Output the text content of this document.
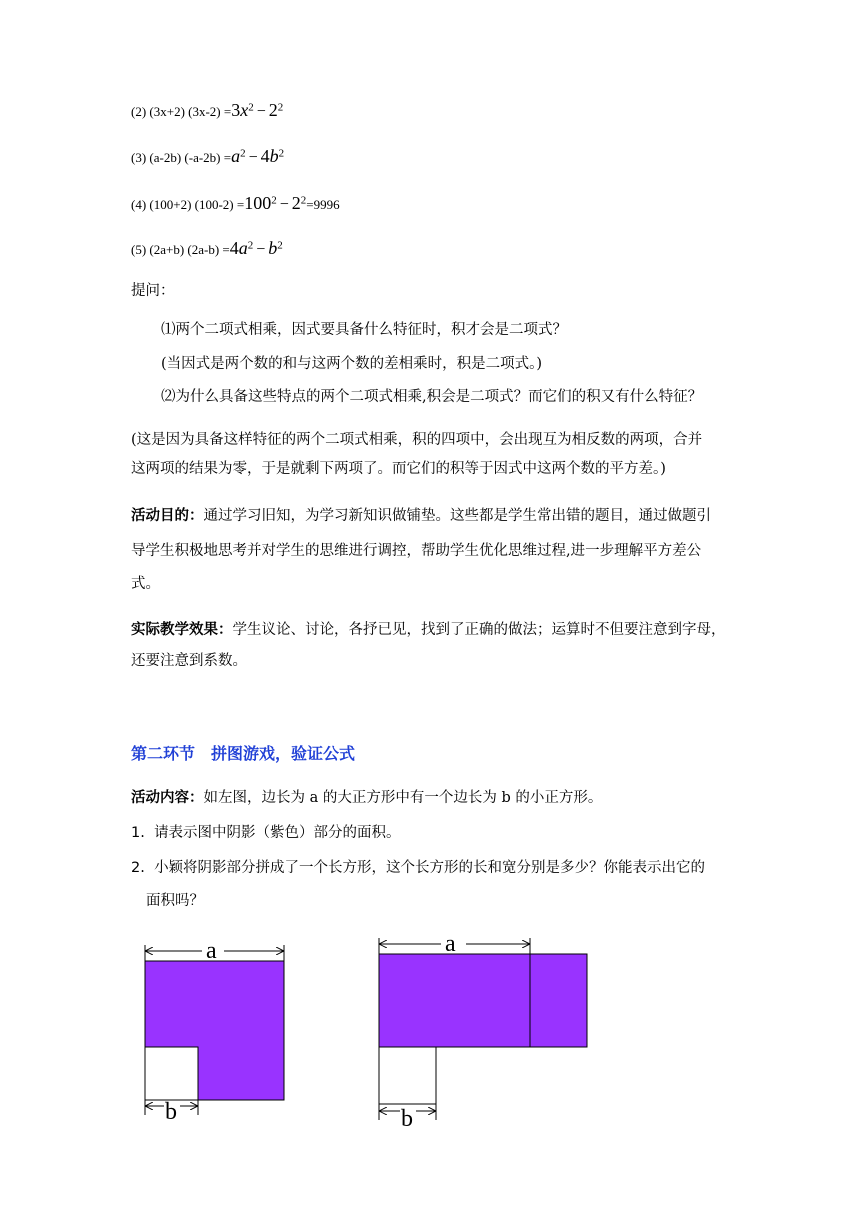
(2) (3x+2) $(3x-2) =3x^2 - 2^2$
(3) (a-2b) $(-a-2b) =a^2 - 4b^2$
(4) (100+2) $(100-2) =100^2 - 2^2=9996$
(5) (2a+b) $(2a-b) =4a^2 - b^2$
提问：
⑴两个二项式相乘，因式要具备什么特征时，积才会是二项式？
(当因式是两个数的和与这两个数的差相乘时，积是二项式。)
⑵为什么具备这些特点的两个二项式相乘,积会是二项式？而它们的积又有什么特征？
(这是因为具备这样特征的两个二项式相乘，积的四项中，会出现互为相反数的两项，合并
这两项的结果为零，于是就剩下两项了。而它们的积等于因式中这两个数的平方差。)
活动目的：通过学习旧知，为学习新知识做铺垫。这些都是学生常出错的题目，通过做题引
导学生积极地思考并对学生的思维进行调控，帮助学生优化思维过程,进一步理解平方差公
式。
实际教学效果：学生议论、讨论，各抒已见，找到了正确的做法；运算时不但要注意到字母，
还要注意到系数。
第二环节　拼图游戏，验证公式
活动内容：如左图，边长为 a 的大正方形中有一个边长为 b 的小正方形。
1. 请表示图中阴影（紫色）部分的面积。
2. 小颖将阴影部分拼成了一个长方形，这个长方形的长和宽分别是多少？你能表示出它的
面积吗？
a
b
a
b
